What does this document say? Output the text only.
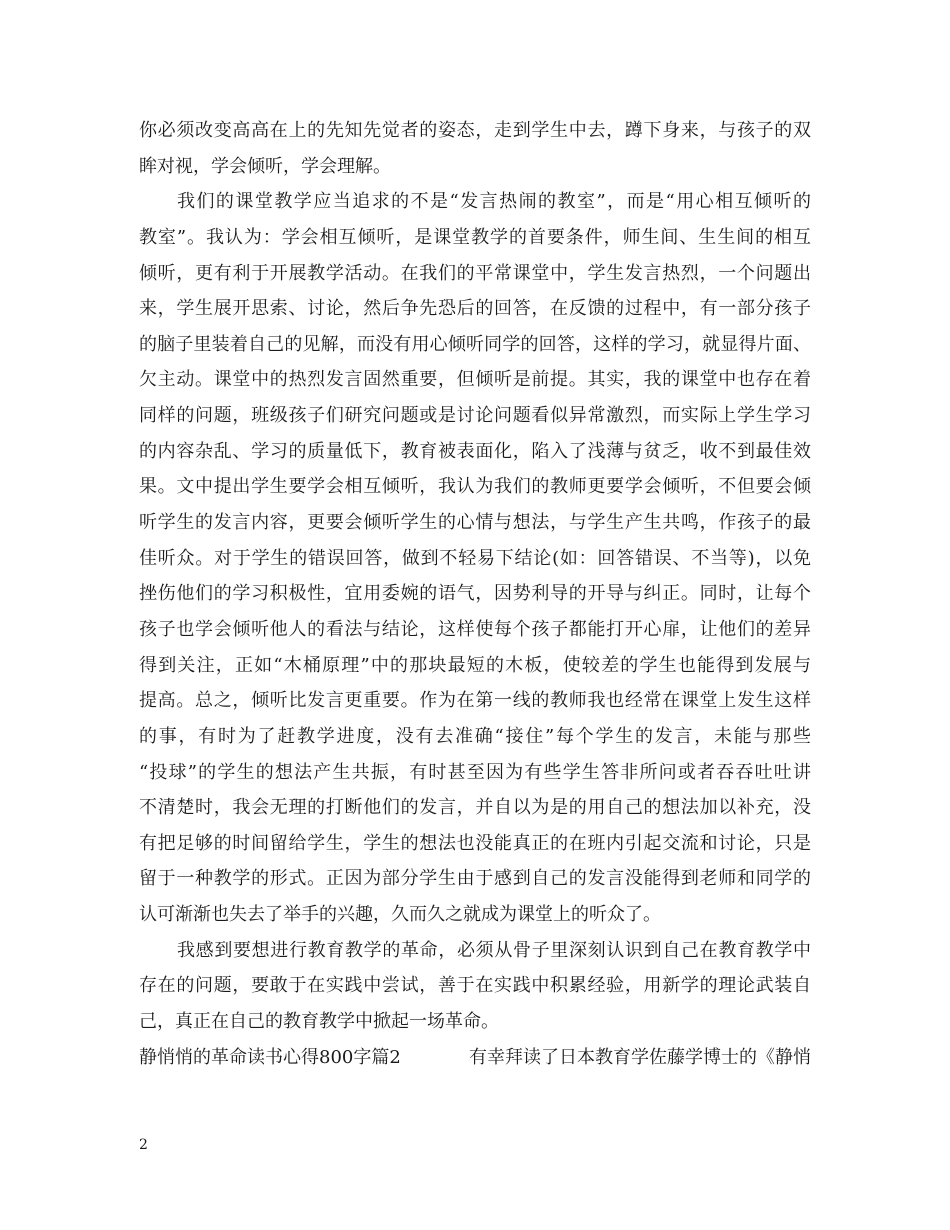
你必须改变高高在上的先知先觉者的姿态，走到学生中去，蹲下身来，与孩子的双
眸对视，学会倾听，学会理解。
我们的课堂教学应当追求的不是“发言热闹的教室”，而是“用心相互倾听的
教室”。我认为：学会相互倾听，是课堂教学的首要条件，师生间、生生间的相互
倾听，更有利于开展教学活动。在我们的平常课堂中，学生发言热烈，一个问题出
来，学生展开思索、讨论，然后争先恐后的回答，在反馈的过程中，有一部分孩子
的脑子里装着自己的见解，而没有用心倾听同学的回答，这样的学习，就显得片面、
欠主动。课堂中的热烈发言固然重要，但倾听是前提。其实，我的课堂中也存在着
同样的问题，班级孩子们研究问题或是讨论问题看似异常激烈，而实际上学生学习
的内容杂乱、学习的质量低下，教育被表面化，陷入了浅薄与贫乏，收不到最佳效
果。文中提出学生要学会相互倾听，我认为我们的教师更要学会倾听，不但要会倾
听学生的发言内容，更要会倾听学生的心情与想法，与学生产生共鸣，作孩子的最
佳听众。对于学生的错误回答，做到不轻易下结论(如：回答错误、不当等)，以免
挫伤他们的学习积极性，宜用委婉的语气，因势利导的开导与纠正。同时，让每个
孩子也学会倾听他人的看法与结论，这样使每个孩子都能打开心扉，让他们的差异
得到关注，正如“木桶原理”中的那块最短的木板，使较差的学生也能得到发展与
提高。总之，倾听比发言更重要。作为在第一线的教师我也经常在课堂上发生这样
的事，有时为了赶教学进度，没有去准确“接住”每个学生的发言，未能与那些
“投球”的学生的想法产生共振，有时甚至因为有些学生答非所问或者吞吞吐吐讲
不清楚时，我会无理的打断他们的发言，并自以为是的用自己的想法加以补充，没
有把足够的时间留给学生，学生的想法也没能真正的在班内引起交流和讨论，只是
留于一种教学的形式。正因为部分学生由于感到自己的发言没能得到老师和同学的
认可渐渐也失去了举手的兴趣，久而久之就成为课堂上的听众了。
我感到要想进行教育教学的革命，必须从骨子里深刻认识到自己在教育教学中
存在的问题，要敢于在实践中尝试，善于在实践中积累经验，用新学的理论武装自
己，真正在自己的教育教学中掀起一场革命。
静悄悄的革命读书心得800字篇2	有幸拜读了日本教育学佐藤学博士的《静悄
2
